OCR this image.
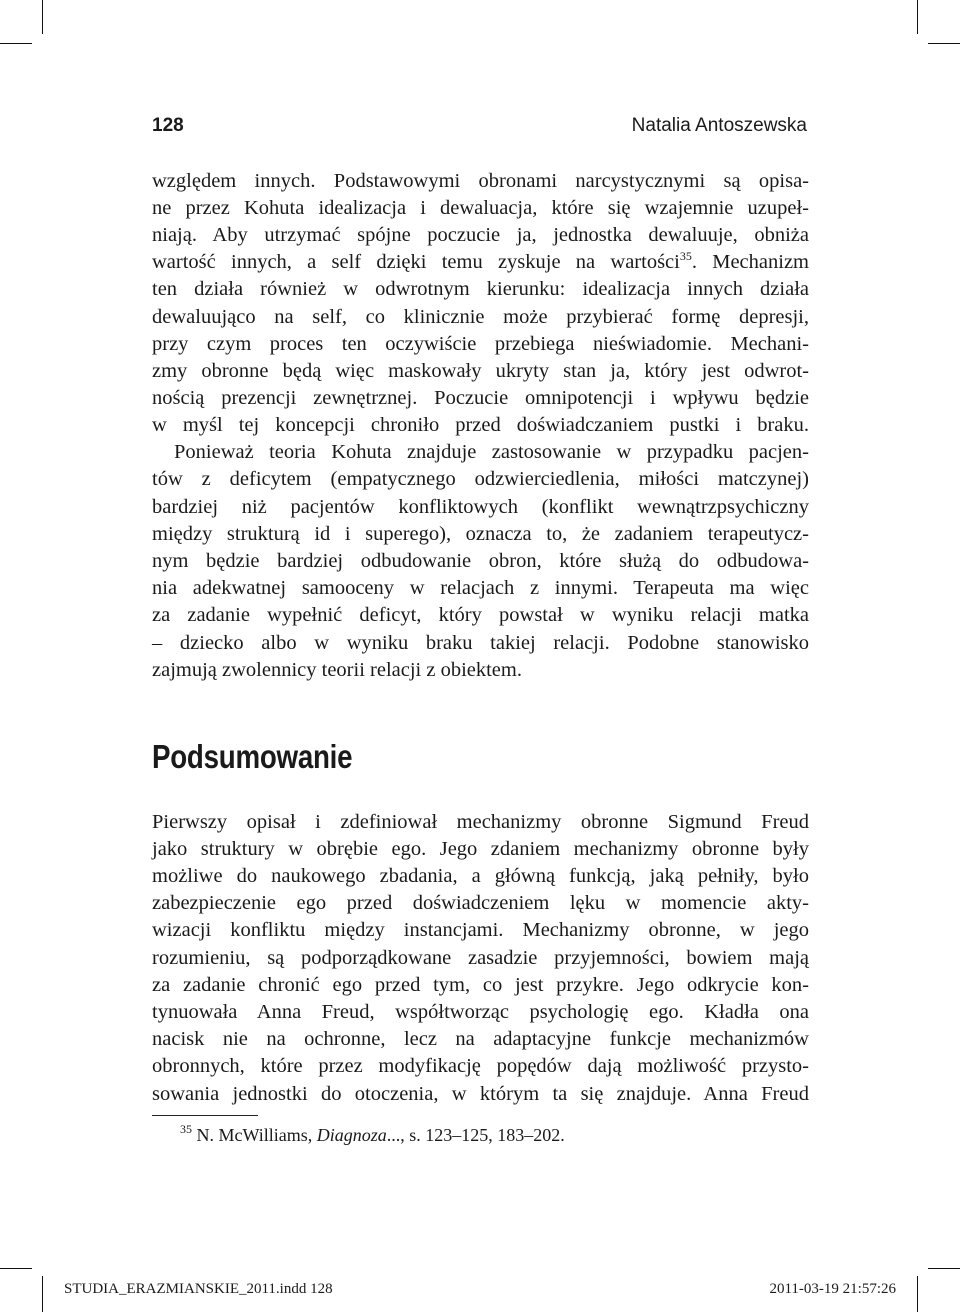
128	Natalia Antoszewska
względem innych. Podstawowymi obronami narcystycznymi są opisa-
ne przez Kohuta idealizacja i dewaluacja, które się wzajemnie uzupeł-
niają. Aby utrzymać spójne poczucie ja, jednostka dewaluuje, obniża
wartość innych, a self dzięki temu zyskuje na wartości$^{35}$. Mechanizm
ten działa również w odwrotnym kierunku: idealizacja innych działa
dewaluująco na self, co klinicznie może przybierać formę depresji,
przy czym proces ten oczywiście przebiega nieświadomie. Mechani-
zmy obronne będą więc maskowały ukryty stan ja, który jest odwrot-
nością prezencji zewnętrznej. Poczucie omnipotencji i wpływu będzie
w myśl tej koncepcji chroniło przed doświadczaniem pustki i braku.
Ponieważ teoria Kohuta znajduje zastosowanie w przypadku pacjen-
tów z deficytem (empatycznego odzwierciedlenia, miłości matczynej)
bardziej niż pacjentów konfliktowych (konflikt wewnątrzpsychiczny
między strukturą id i superego), oznacza to, że zadaniem terapeutycz-
nym będzie bardziej odbudowanie obron, które służą do odbudowa-
nia adekwatnej samooceny w relacjach z innymi. Terapeuta ma więc
za zadanie wypełnić deficyt, który powstał w wyniku relacji matka
– dziecko albo w wyniku braku takiej relacji. Podobne stanowisko
zajmują zwolennicy teorii relacji z obiektem.
Podsumowanie
Pierwszy opisał i zdefiniował mechanizmy obronne Sigmund Freud
jako struktury w obrębie ego. Jego zdaniem mechanizmy obronne były
możliwe do naukowego zbadania, a główną funkcją, jaką pełniły, było
zabezpieczenie ego przed doświadczeniem lęku w momencie akty-
wizacji konfliktu między instancjami. Mechanizmy obronne, w jego
rozumieniu, są podporządkowane zasadzie przyjemności, bowiem mają
za zadanie chronić ego przed tym, co jest przykre. Jego odkrycie kon-
tynuowała Anna Freud, współtworząc psychologię ego. Kładła ona
nacisk nie na ochronne, lecz na adaptacyjne funkcje mechanizmów
obronnych, które przez modyfikację popędów dają możliwość przysto-
sowania jednostki do otoczenia, w którym ta się znajduje. Anna Freud
$^{35}$ N. McWilliams, Diagnoza..., s. 123–125, 183–202.
STUDIA_ERAZMIANSKIE_2011.indd 128	2011-03-19 21:57:26
